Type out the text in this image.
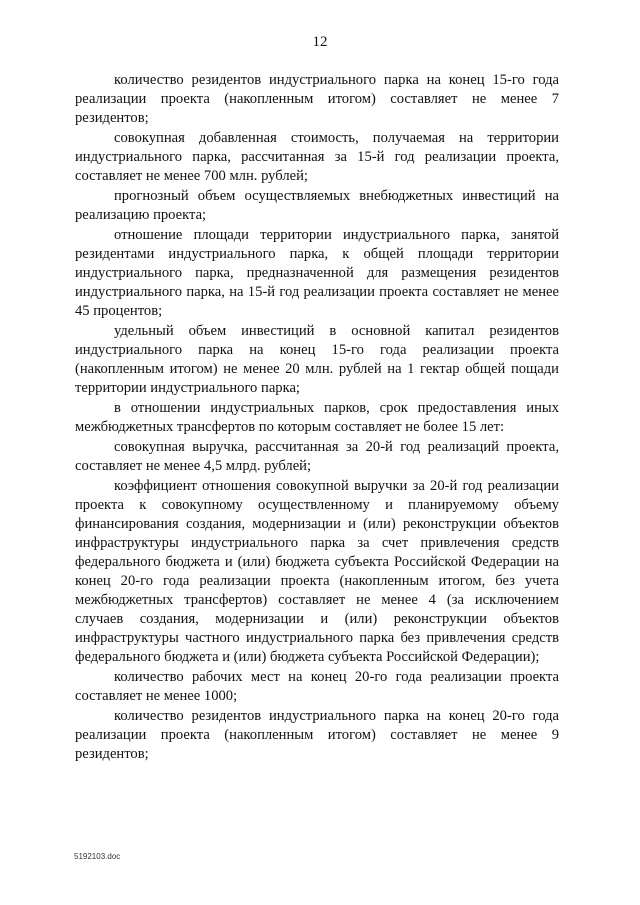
12

количество резидентов индустриального парка на конец 15-го года реализации проекта (накопленным итогом) составляет не менее 7 резидентов;

совокупная добавленная стоимость, получаемая на территории индустриального парка, рассчитанная за 15-й год реализации проекта, составляет не менее 700 млн. рублей;

прогнозный объем осуществляемых внебюджетных инвестиций на реализацию проекта;

отношение площади территории индустриального парка, занятой резидентами индустриального парка, к общей площади территории индустриального парка, предназначенной для размещения резидентов индустриального парка, на 15-й год реализации проекта составляет не менее 45 процентов;

удельный объем инвестиций в основной капитал резидентов индустриального парка на конец 15-го года реализации проекта (накопленным итогом) не менее 20 млн. рублей на 1 гектар общей пощади территории индустриального парка;

в отношении индустриальных парков, срок предоставления иных межбюджетных трансфертов по которым составляет не более 15 лет:

совокупная выручка, рассчитанная за 20-й год реализаций проекта, составляет не менее 4,5 млрд. рублей;

коэффициент отношения совокупной выручки за 20-й год реализации проекта к совокупному осуществленному и планируемому объему финансирования создания, модернизации и (или) реконструкции объектов инфраструктуры индустриального парка за счет привлечения средств федерального бюджета и (или) бюджета субъекта Российской Федерации на конец 20-го года реализации проекта (накопленным итогом, без учета межбюджетных трансфертов) составляет не менее 4 (за исключением случаев создания, модернизации и (или) реконструкции объектов инфраструктуры частного индустриального парка без привлечения средств федерального бюджета и (или) бюджета субъекта Российской Федерации);

количество рабочих мест на конец 20-го года реализации проекта составляет не менее 1000;

количество резидентов индустриального парка на конец 20-го года реализации проекта (накопленным итогом) составляет не менее 9 резидентов;

5192103.doc
